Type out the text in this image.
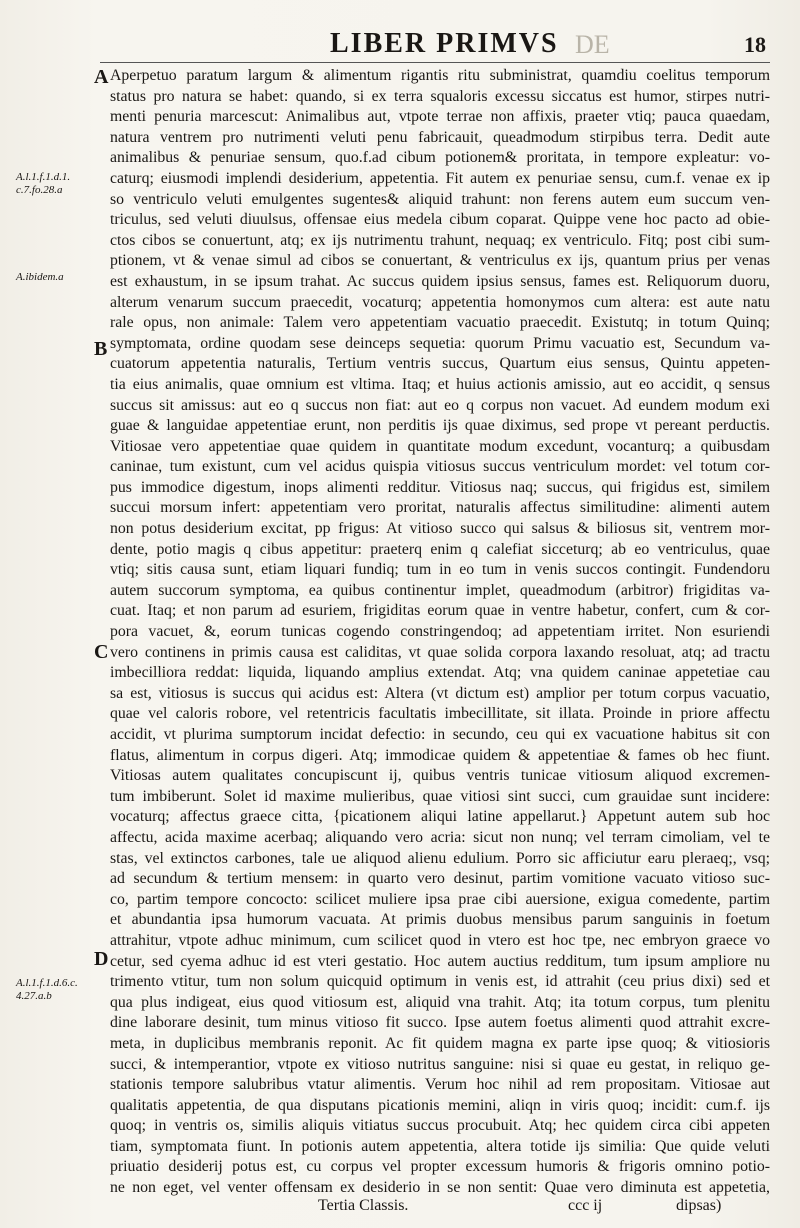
DE
LIBER PRIMVS	18
A.l.1.f.1.d.1. c.7.fo.28.a
A.ibidem.a
A.l.1.f.1.d.6.c. 4.27.a.b
A
B
C
D
Aperpetuo paratum largum & alimentum rigantis ritu subministrat, quamdiu coelitus temporum
status pro natura se habet: quando, si ex terra squaloris excessu siccatus est humor, stirpes nutri-
menti penuria marcescut: Animalibus aut, vtpote terrae non affixis, praeter vtiq; pauca quaedam,
natura ventrem pro nutrimenti veluti penu fabricauit, queadmodum stirpibus terra. Dedit aute
animalibus & penuriae sensum, quo.f.ad cibum potionem& proritata, in tempore expleatur: vo-
caturq; eiusmodi implendi desiderium, appetentia. Fit autem ex penuriae sensu, cum.f. venae ex ip
so ventriculo veluti emulgentes sugentes& aliquid trahunt: non ferens autem eum succum ven-
triculus, sed veluti diuulsus, offensae eius medela cibum coparat. Quippe vene hoc pacto ad obie-
ctos cibos se conuertunt, atq; ex ijs nutrimentu trahunt, nequaq; ex ventriculo. Fitq; post cibi sum-
ptionem, vt & venae simul ad cibos se conuertant, & ventriculus ex ijs, quantum prius per venas
est exhaustum, in se ipsum trahat. Ac succus quidem ipsius sensus, fames est. Reliquorum duoru,
alterum venarum succum praecedit, vocaturq; appetentia homonymos cum altera: est aute natu
rale opus, non animale: Talem vero appetentiam vacuatio praecedit. Existutq; in totum Quinq;
symptomata, ordine quodam sese deinceps sequetia: quorum Primu vacuatio est, Secundum va-
cuatorum appetentia naturalis, Tertium ventris succus, Quartum eius sensus, Quintu appeten-
tia eius animalis, quae omnium est vltima. Itaq; et huius actionis amissio, aut eo accidit, q sensus
succus sit amissus: aut eo q succus non fiat: aut eo q corpus non vacuet. Ad eundem modum exi
guae & languidae appetentiae erunt, non perditis ijs quae diximus, sed prope vt pereant perductis.
Vitiosae vero appetentiae quae quidem in quantitate modum excedunt, vocanturq; a quibusdam
caninae, tum existunt, cum vel acidus quispia vitiosus succus ventriculum mordet: vel totum cor-
pus immodice digestum, inops alimenti redditur. Vitiosus naq; succus, qui frigidus est, similem
succui morsum infert: appetentiam vero proritat, naturalis affectus similitudine: alimenti autem
non potus desiderium excitat, pp frigus: At vitioso succo qui salsus & biliosus sit, ventrem mor-
dente, potio magis q cibus appetitur: praeterq enim q calefiat sicceturq; ab eo ventriculus, quae
vtiq; sitis causa sunt, etiam liquari fundiq; tum in eo tum in venis succos contingit. Fundendoru
autem succorum symptoma, ea quibus continentur implet, queadmodum (arbitror) frigiditas va-
cuat. Itaq; et non parum ad esuriem, frigiditas eorum quae in ventre habetur, confert, cum & cor-
pora vacuet, &, eorum tunicas cogendo constringendoq; ad appetentiam irritet. Non esuriendi
vero continens in primis causa est caliditas, vt quae solida corpora laxando resoluat, atq; ad tractu
imbecilliora reddat: liquida, liquando amplius extendat. Atq; vna quidem caninae appetetiae cau
sa est, vitiosus is succus qui acidus est: Altera (vt dictum est) amplior per totum corpus vacuatio,
quae vel caloris robore, vel retentricis facultatis imbecillitate, sit illata. Proinde in priore affectu
accidit, vt plurima sumptorum incidat defectio: in secundo, ceu qui ex vacuatione habitus sit con
flatus, alimentum in corpus digeri. Atq; immodicae quidem & appetentiae & fames ob hec fiunt.
Vitiosas autem qualitates concupiscunt ij, quibus ventris tunicae vitiosum aliquod excremen-
tum imbiberunt. Solet id maxime mulieribus, quae vitiosi sint succi, cum grauidae sunt incidere:
vocaturq; affectus graece citta, {picationem aliqui latine appellarut.} Appetunt autem sub hoc
affectu, acida maxime acerbaq; aliquando vero acria: sicut non nunq; vel terram cimoliam, vel te
stas, vel extinctos carbones, tale ue aliquod alienu edulium. Porro sic afficiutur earu pleraeq;, vsq;
ad secundum & tertium mensem: in quarto vero desinut, partim vomitione vacuato vitioso suc-
co, partim tempore concocto: scilicet muliere ipsa prae cibi auersione, exigua comedente, partim
et abundantia ipsa humorum vacuata. At primis duobus mensibus parum sanguinis in foetum
attrahitur, vtpote adhuc minimum, cum scilicet quod in vtero est hoc tpe, nec embryon graece vo
cetur, sed cyema adhuc id est vteri gestatio. Hoc autem auctius redditum, tum ipsum ampliore nu
trimento vtitur, tum non solum quicquid optimum in venis est, id attrahit (ceu prius dixi) sed et
qua plus indigeat, eius quod vitiosum est, aliquid vna trahit. Atq; ita totum corpus, tum plenitu
dine laborare desinit, tum minus vitioso fit succo. Ipse autem foetus alimenti quod attrahit excre-
meta, in duplicibus membranis reponit. Ac fit quidem magna ex parte ipse quoq; & vitiosioris
succi, & intemperantior, vtpote ex vitioso nutritus sanguine: nisi si quae eu gestat, in reliquo ge-
stationis tempore salubribus vtatur alimentis. Verum hoc nihil ad rem propositam. Vitiosae aut
qualitatis appetentia, de qua disputans picationis memini, aliqn in viris quoq; incidit: cum.f. ijs
quoq; in ventris os, similis aliquis vitiatus succus procubuit. Atq; hec quidem circa cibi appeten
tiam, symptomata fiunt. In potionis autem appetentia, altera totide ijs similia: Que quide veluti
priuatio desiderij potus est, cu corpus vel propter excessum humoris & frigoris omnino potio-
ne non eget, vel venter offensam ex desiderio in se non sentit: Quae vero diminuta est appetetia,
Tertia Classis.	ccc ij	dipsas)
